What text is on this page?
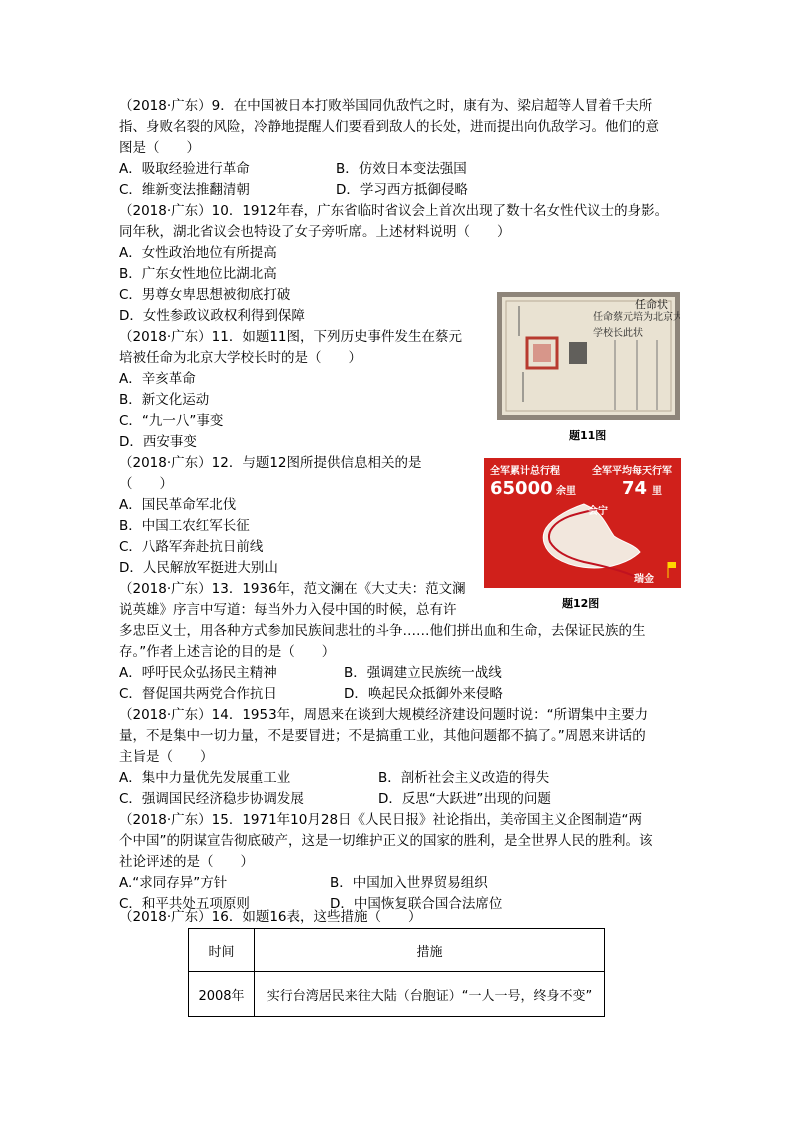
（2018·广东）9．在中国被日本打败举国同仇敌忾之时，康有为、梁启超等人冒着千夫所
指、身败名裂的风险，冷静地提醒人们要看到敌人的长处，进而提出向仇敌学习。他们的意
图是（　　）
A．吸取经验进行革命	B．仿效日本变法强国
C．维新变法推翻清朝	D．学习西方抵御侵略
（2018·广东）10．1912年春，广东省临时省议会上首次出现了数十名女性代议士的身影。
同年秋，湖北省议会也特设了女子旁听席。上述材料说明（　　）
A．女性政治地位有所提高
B．广东女性地位比湖北高
C．男尊女卑思想被彻底打破
D．女性参政议政权利得到保障
学校长此状
任命蔡元培为北京大
任命状
题11图
（2018·广东）11．如题11图，下列历史事件发生在蔡元
培被任命为北京大学校长时的是（　　）
A．辛亥革命
B．新文化运动
C．“九一八”事变
D．西安事变
全军累计总行程
65000 余里
全军平均每天行军
74 里
会宁
瑞金
题12图
（2018·广东）12．与题12图所提供信息相关的是
（　　）
A．国民革命军北伐
B．中国工农红军长征
C．八路军奔赴抗日前线
D．人民解放军挺进大别山
（2018·广东）13．1936年，范文澜在《大丈夫：范文澜
说英雄》序言中写道：每当外力入侵中国的时候，总有许
多忠臣义士，用各种方式参加民族间悲壮的斗争……他们拼出血和生命，去保证民族的生
存。”作者上述言论的目的是（　　）
A．呼吁民众弘扬民主精神	B．强调建立民族统一战线
C．督促国共两党合作抗日	D．唤起民众抵御外来侵略
（2018·广东）14．1953年，周恩来在谈到大规模经济建设问题时说：“所谓集中主要力
量，不是集中一切力量，不是要冒进；不是搞重工业，其他问题都不搞了。”周恩来讲话的
主旨是（　　）
A．集中力量优先发展重工业	B．剖析社会主义改造的得失
C．强调国民经济稳步协调发展	D．反思“大跃进”出现的问题
（2018·广东）15．1971年10月28日《人民日报》社论指出，美帝国主义企图制造“两
个中国”的阴谋宣告彻底破产，这是一切维护正义的国家的胜利，是全世界人民的胜利。该
社论评述的是（　　）
A.“求同存异”方针	B．中国加入世界贸易组织
C．和平共处五项原则	D．中国恢复联合国合法席位
（2018·广东）16．如题16表，这些措施（　　）
时间	措施
2008年	实行台湾居民来往大陆（台胞证）“一人一号，终身不变”
